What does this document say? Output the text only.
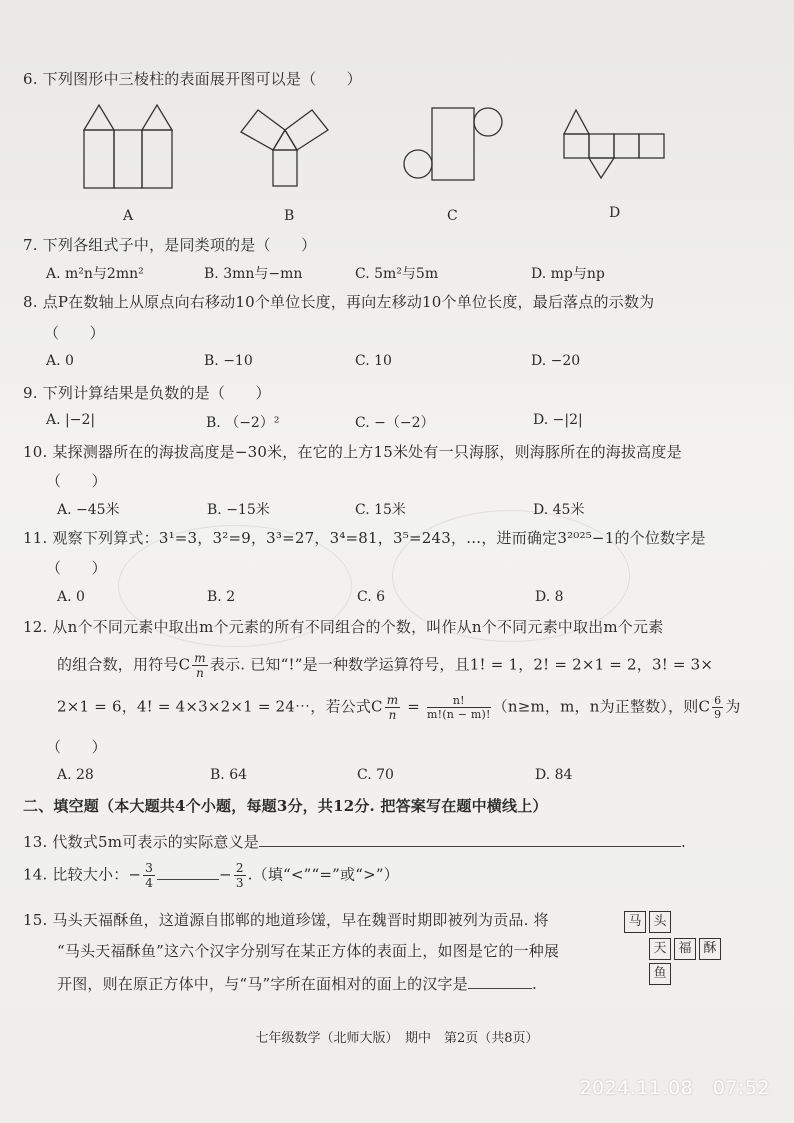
6. 下列图形中三棱柱的表面展开图可以是（　　）
A	B	C	D
7. 下列各组式子中，是同类项的是（　　）
A. m²n与2mn²	B. 3mn与−mn	C. 5m²与5m	D. mp与np
8. 点P在数轴上从原点向右移动10个单位长度，再向左移动10个单位长度，最后落点的示数为
（　　）
A. 0	B. −10	C. 10	D. −20
9. 下列计算结果是负数的是（　　）
A. |−2|	B. （−2）²	C. −（−2）	D. −|2|
10. 某探测器所在的海拔高度是−30米，在它的上方15米处有一只海豚，则海豚所在的海拔高度是
（　　）
A. −45米	B. −15米	C. 15米	D. 45米
11. 观察下列算式：3¹=3，3²=9，3³=27，3⁴=81，3⁵=243，…，进而确定3²⁰²⁵−1的个位数字是
（　　）
A. 0	B. 2	C. 6	D. 8
12. 从n个不同元素中取出m个元素的所有不同组合的个数，叫作从n个不同元素中取出m个元素
的组合数，用符号C $\frac{m}{n}$ 表示. 已知“!”是一种数学运算符号，且1! = 1，2! = 2×1 = 2，3! = 3×
2×1 = 6，4! = 4×3×2×1 = 24⋯，若公式C $\frac{m}{n} = \frac{n!}{m!(n - m)!} (n\ge m$，m，n为正整数），则C $\frac{6}{9}$ 为
（　　）
A. 28	B. 64	C. 70	D. 84
二、填空题（本大题共4个小题，每题3分，共12分. 把答案写在题中横线上）
13. 代数式5m可表示的实际意义是	.
14. 比较大小：− $\frac{3}{4}$	− $\frac{2}{3}$ .（填“<”“=”或“>”）
15. 马头天福酥鱼，这道源自邯郸的地道珍馐，早在魏晋时期即被列为贡品. 将
“马头天福酥鱼”这六个汉字分别写在某正方体的表面上，如图是它的一种展
开图，则在原正方体中，与“马”字所在面相对的面上的汉字是	.
马 头
天 福 酥
鱼
七年级数学（北师大版）　期中　第2页（共8页）
2024.11.08　07:52
